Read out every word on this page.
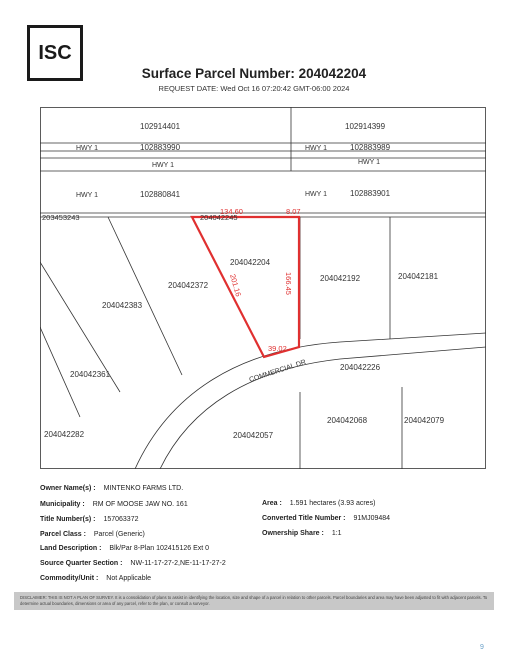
ISC
Surface Parcel Number: 204042204
REQUEST DATE: Wed Oct 16 07:20:42 GMT-06:00 2024
102914401	102914399
HWY 1	102883990	HWY 1	102883989
HWY 1	HWY 1
HWY 1	102880841	HWY 1	102883901
203453243	204042245
204042204
204042372
204042383
204042192	204042181
204042361
204042226
204042282
204042068	204042079
204042057
COMMERCIAL DR
134.60	8.07
201.16	166.45
39.02
Owner Name(s) : MINTENKO FARMS LTD.
Municipality : RM OF MOOSE JAW NO. 161
Title Number(s) : 157063372
Parcel Class : Parcel (Generic)
Land Description : Blk/Par 8-Plan 102415126 Ext 0
Source Quarter Section : NW-11-17-27-2,NE-11-17-27-2
Commodity/Unit : Not Applicable
Area : 1.591 hectares (3.93 acres)
Converted Title Number : 91MJ09484
Ownership Share : 1:1
DISCLAIMER: THIS IS NOT A PLAN OF SURVEY. It is a consolidation of plans to assist in identifying the location, size and shape of a parcel in relation to other parcels. Parcel boundaries and area may have been adjusted to fit with adjacent parcels. To determine actual boundaries, dimensions or area of any parcel, refer to the plan, or consult a surveyor.
9
